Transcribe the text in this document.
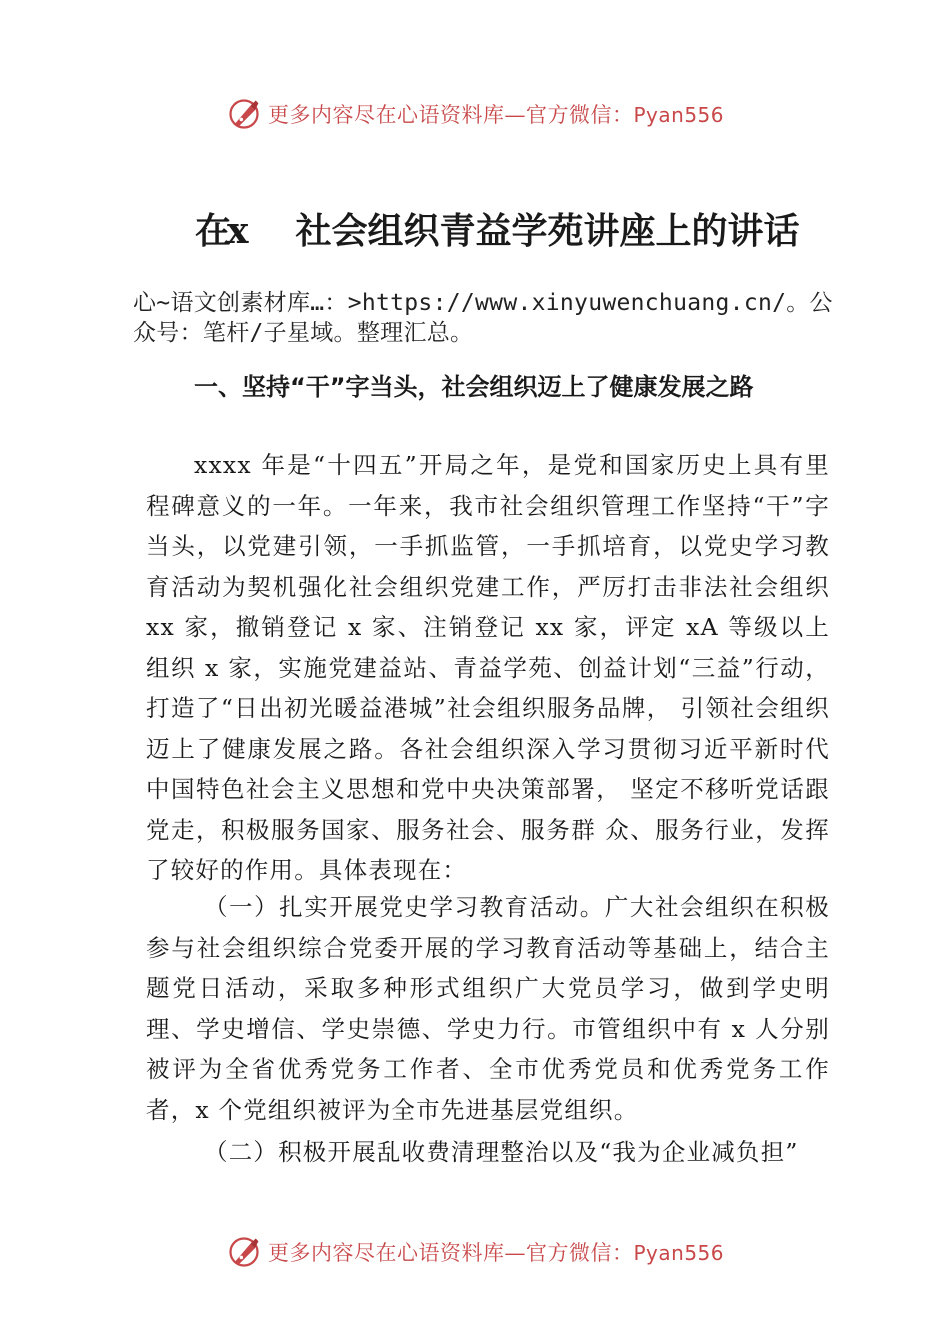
更多内容尽在心语资料库—官方微信：Pyan556
在x 社会组织青益学苑讲座上的讲话
心~语文创素材库…：>https://www.xinyuwenchuang.cn/。公众号：笔杆/子星域。整理汇总。
一、坚持“干”字当头，社会组织迈上了健康发展之路
xxxx 年是“十四五”开局之年，是党和国家历史上具有里程碑意义的一年。一年来，我市社会组织管理工作坚持“干”字当头，以党建引领，一手抓监管，一手抓培育，以党史学习教育活动为契机强化社会组织党建工作，严厉打击非法社会组织 xx 家，撤销登记 x 家、注销登记 xx 家，评定 xA 等级以上组织 x 家，实施党建益站、青益学苑、创益计划“三益”行动，打造了“日出初光暖益港城”社会组织服务品牌， 引领社会组织迈上了健康发展之路。各社会组织深入学习贯彻习近平新时代中国特色社会主义思想和党中央决策部署， 坚定不移听党话跟党走，积极服务国家、服务社会、服务群 众、服务行业，发挥了较好的作用。具体表现在：
（一）扎实开展党史学习教育活动。广大社会组织在积极参与社会组织综合党委开展的学习教育活动等基础上，结合主题党日活动，采取多种形式组织广大党员学习，做到学史明理、学史增信、学史崇德、学史力行。市管组织中有 x 人分别被评为全省优秀党务工作者、全市优秀党员和优秀党务工作者，x 个党组织被评为全市先进基层党组织。
（二）积极开展乱收费清理整治以及“我为企业减负担”
更多内容尽在心语资料库—官方微信：Pyan556
